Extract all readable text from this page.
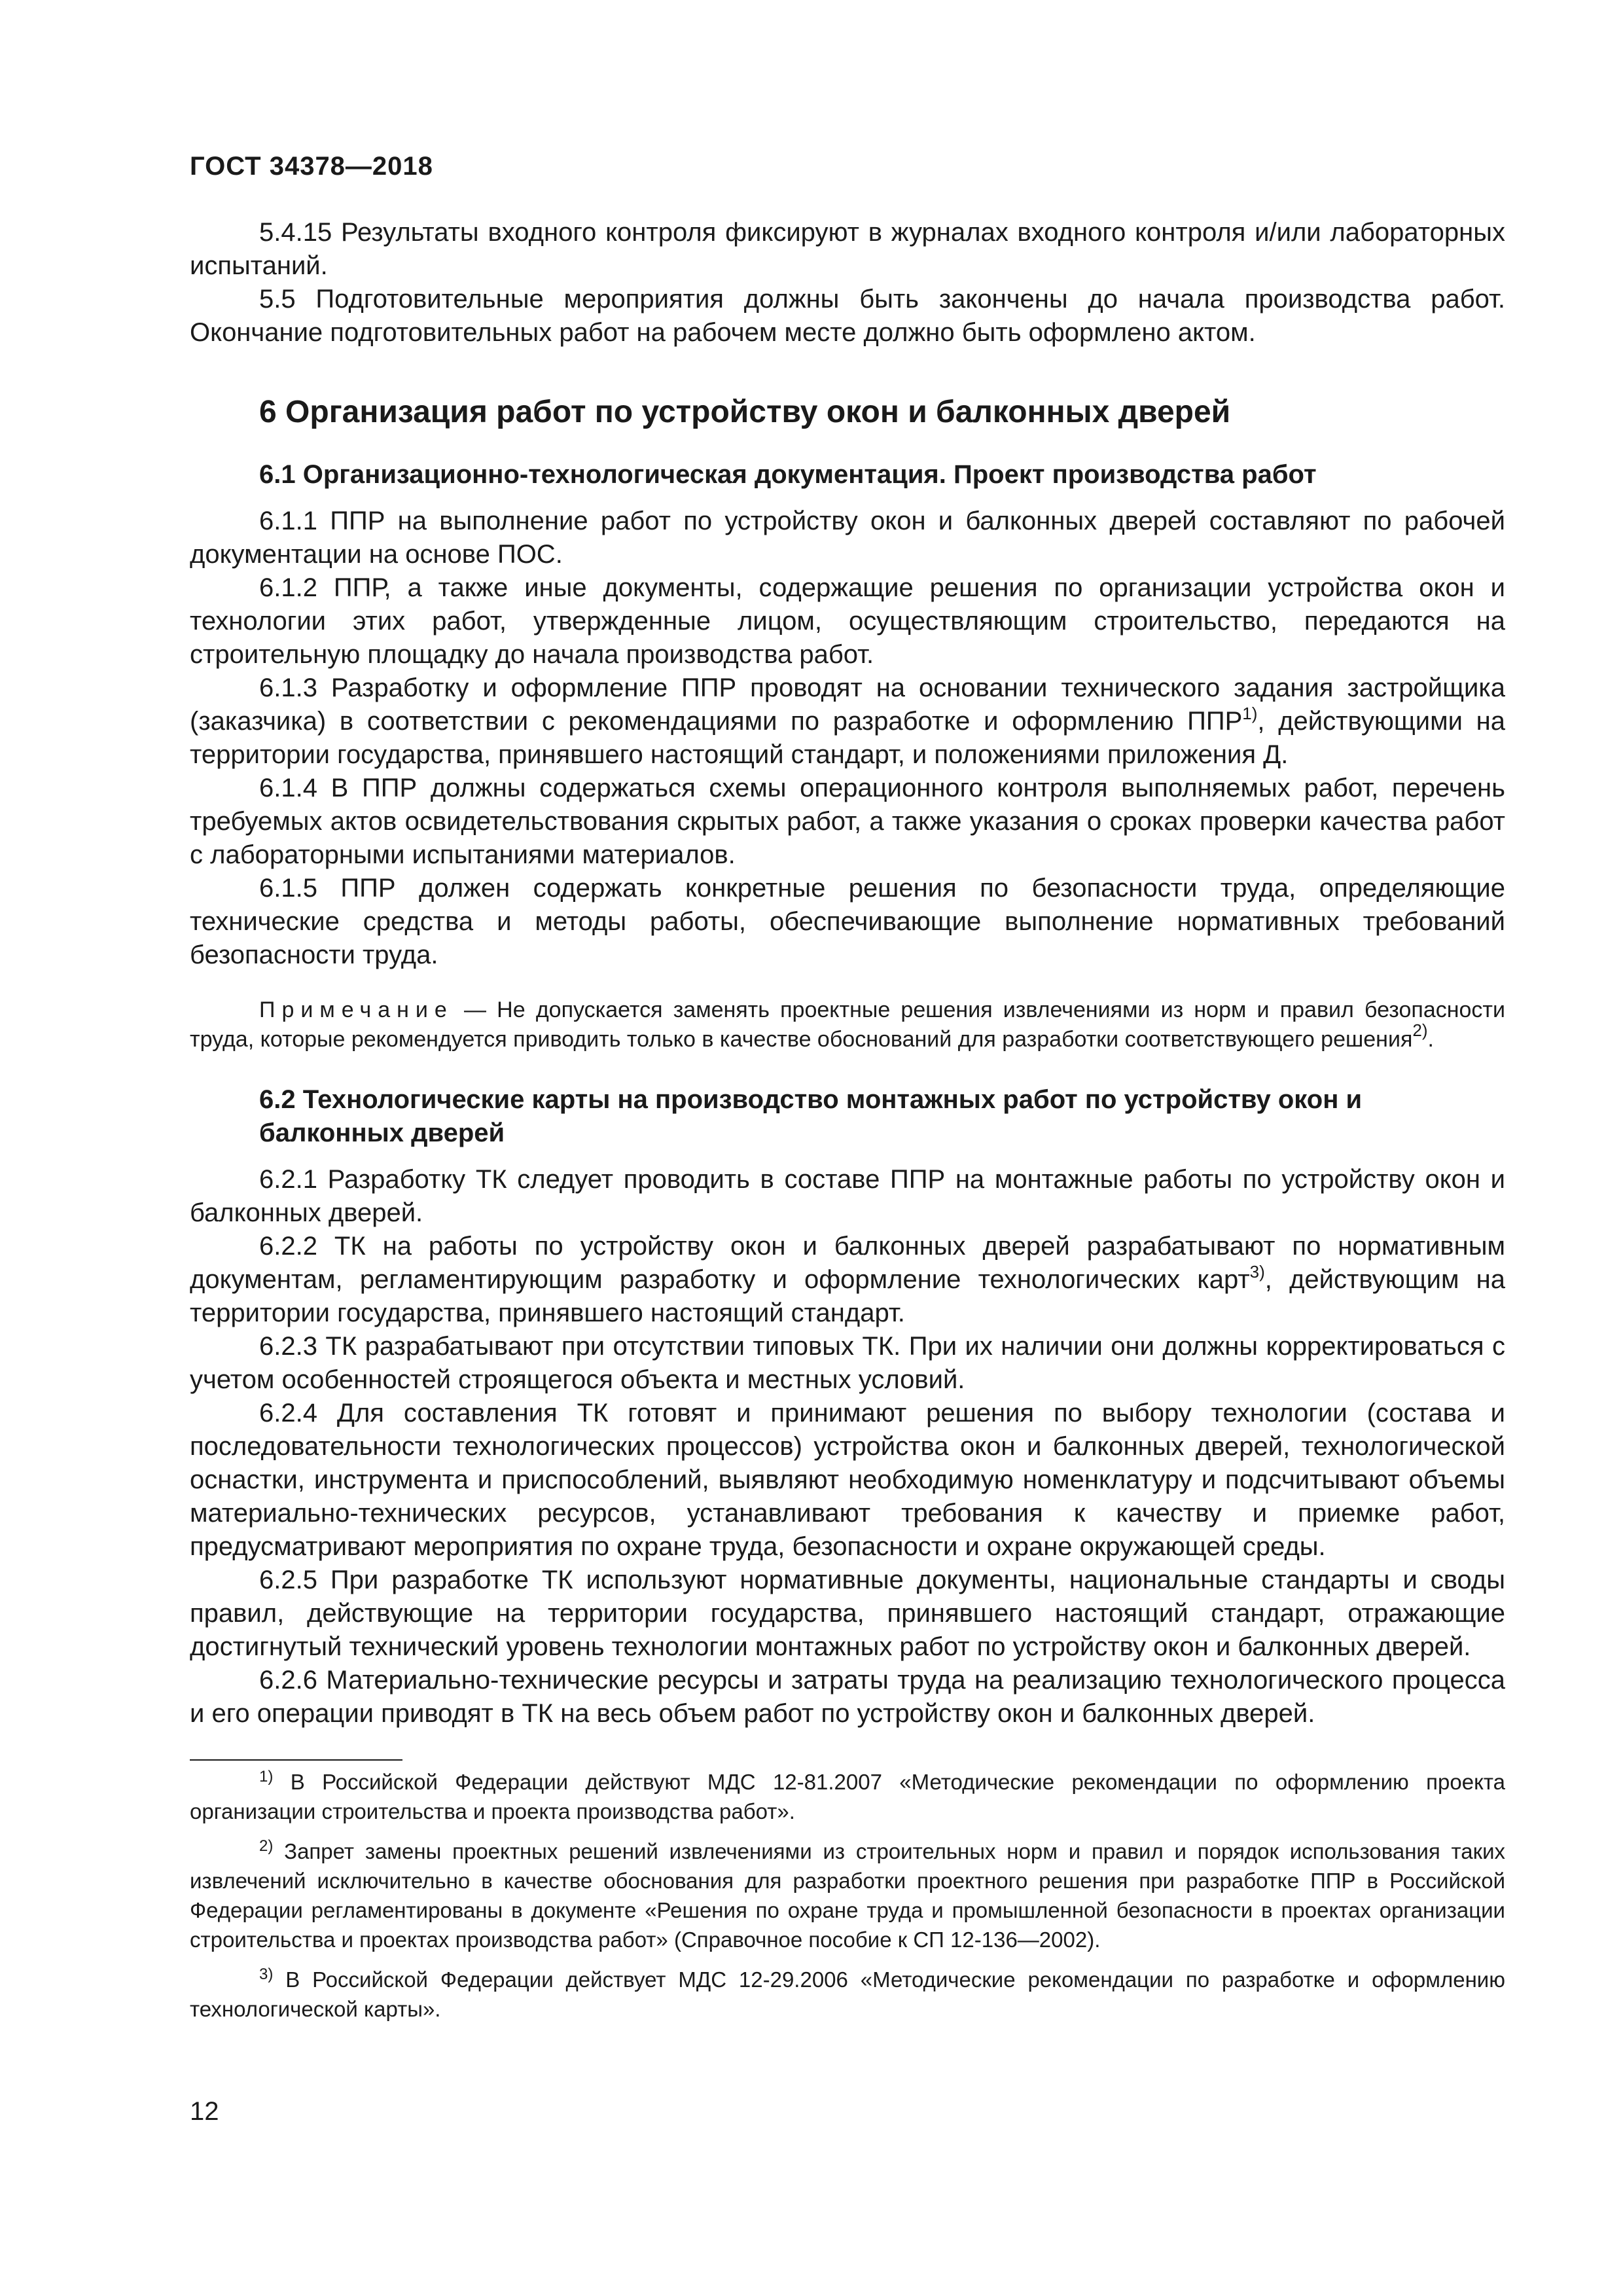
ГОСТ 34378—2018

5.4.15 Результаты входного контроля фиксируют в журналах входного контроля и/или лабораторных испытаний.

5.5 Подготовительные мероприятия должны быть закончены до начала производства работ. Окончание подготовительных работ на рабочем месте должно быть оформлено актом.

6 Организация работ по устройству окон и балконных дверей
6.1 Организационно-технологическая документация. Проект производства работ

6.1.1 ППР на выполнение работ по устройству окон и балконных дверей составляют по рабочей документации на основе ПОС.

6.1.2 ППР, а также иные документы, содержащие решения по организации устройства окон и технологии этих работ, утвержденные лицом, осуществляющим строительство, передаются на строительную площадку до начала производства работ.

6.1.3 Разработку и оформление ППР проводят на основании технического задания застройщика (заказчика) в соответствии с рекомендациями по разработке и оформлению ППР$^{1)}$, действующими на территории государства, принявшего настоящий стандарт, и положениями приложения Д.

6.1.4 В ППР должны содержаться схемы операционного контроля выполняемых работ, перечень требуемых актов освидетельствования скрытых работ, а также указания о сроках проверки качества работ с лабораторными испытаниями материалов.

6.1.5 ППР должен содержать конкретные решения по безопасности труда, определяющие технические средства и методы работы, обеспечивающие выполнение нормативных требований безопасности труда.

Примечание — Не допускается заменять проектные решения извлечениями из норм и правил безопасности труда, которые рекомендуется приводить только в качестве обоснований для разработки соответствующего решения$^{2)}$.
6.2 Технологические карты на производство монтажных работ по устройству окон и балконных дверей

6.2.1 Разработку ТК следует проводить в составе ППР на монтажные работы по устройству окон и балконных дверей.

6.2.2 ТК на работы по устройству окон и балконных дверей разрабатывают по нормативным документам, регламентирующим разработку и оформление технологических карт$^{3)}$, действующим на территории государства, принявшего настоящий стандарт.

6.2.3 ТК разрабатывают при отсутствии типовых ТК. При их наличии они должны корректироваться с учетом особенностей строящегося объекта и местных условий.

6.2.4 Для составления ТК готовят и принимают решения по выбору технологии (состава и последовательности технологических процессов) устройства окон и балконных дверей, технологической оснастки, инструмента и приспособлений, выявляют необходимую номенклатуру и подсчитывают объемы материально-технических ресурсов, устанавливают требования к качеству и приемке работ, предусматривают мероприятия по охране труда, безопасности и охране окружающей среды.

6.2.5 При разработке ТК используют нормативные документы, национальные стандарты и своды правил, действующие на территории государства, принявшего настоящий стандарт, отражающие достигнутый технический уровень технологии монтажных работ по устройству окон и балконных дверей.

6.2.6 Материально-технические ресурсы и затраты труда на реализацию технологического процесса и его операции приводят в ТК на весь объем работ по устройству окон и балконных дверей.

$^{1)}$ В Российской Федерации действуют МДС 12-81.2007 «Методические рекомендации по оформлению проекта организации строительства и проекта производства работ».
$^{2)}$ Запрет замены проектных решений извлечениями из строительных норм и правил и порядок использования таких извлечений исключительно в качестве обоснования для разработки проектного решения при разработке ППР в Российской Федерации регламентированы в документе «Решения по охране труда и промышленной безопасности в проектах организации строительства и проектах производства работ» (Справочное пособие к СП 12-136—2002).
$^{3)}$ В Российской Федерации действует МДС 12-29.2006 «Методические рекомендации по разработке и оформлению технологической карты».
12
